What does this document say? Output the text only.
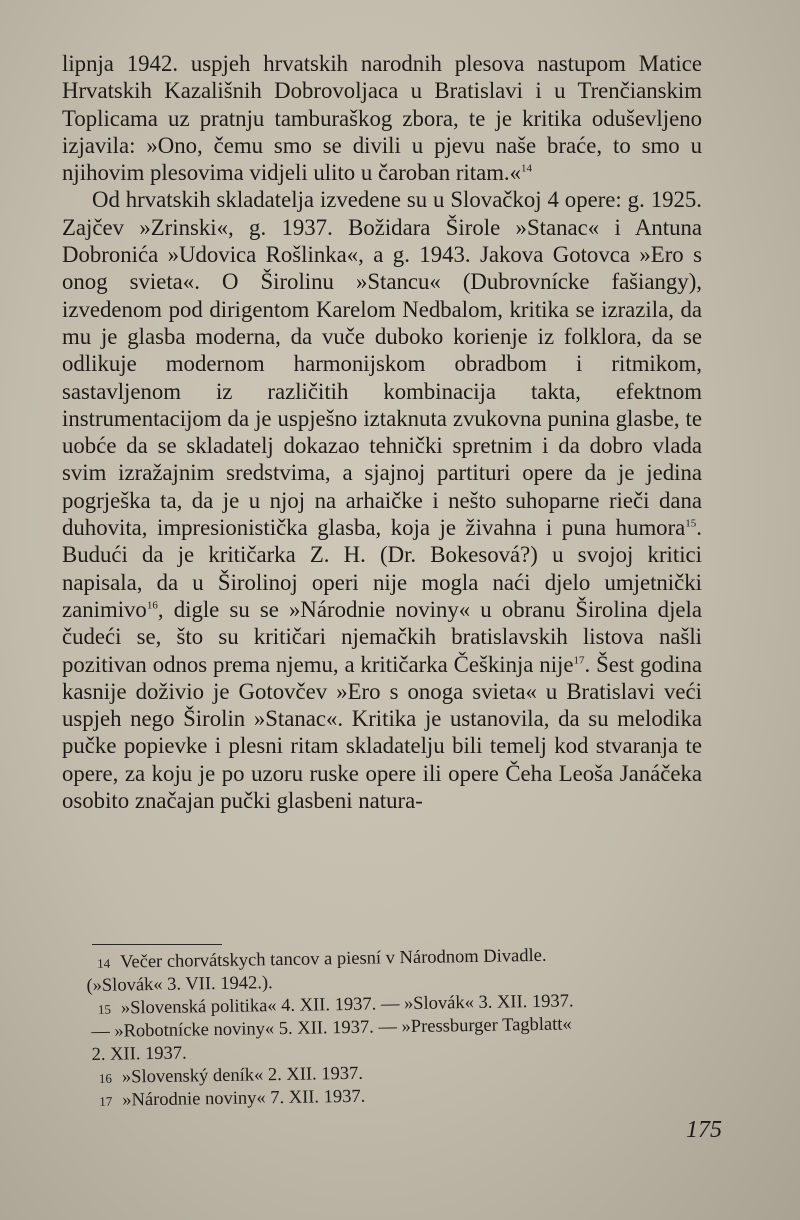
lipnja 1942. uspjeh hrvatskih narodnih plesova nastupom Matice Hrvatskih Kazališnih Dobrovoljaca u Bratislavi i u Trenčianskim Toplicama uz pratnju tamburaškog zbora, te je kritika oduševljeno izjavila: »Ono, čemu smo se divili u pjevu naše braće, to smo u njihovim plesovima vidjeli ulito u čaroban ritam.«$^{14}$

Od hrvatskih skladatelja izvedene su u Slovačkoj 4 opere: g. 1925. Zajčev »Zrinski«, g. 1937. Božidara Širole »Stanac« i Antuna Dobronića »Udovica Rošlinka«, a g. 1943. Jakova Gotovca »Ero s onog svieta«. O Širolinu »Stancu« (Dubrovnícke fašiangy), izvedenom pod dirigentom Karelom Nedbalom, kritika se izrazila, da mu je glasba moderna, da vuče duboko korienje iz folklora, da se odlikuje modernom harmonijskom obradbom i ritmikom, sastavljenom iz različitih kombinacija takta, efektnom instrumentacijom da je uspješno iztaknuta zvukovna punina glasbe, te uobće da se skladatelj dokazao tehnički spretnim i da dobro vlada svim izražajnim sredstvima, a sjajnoj partituri opere da je jedina pogrješka ta, da je u njoj na arhaičke i nešto suhoparne rieči dana duhovita, impresionistička glasba, koja je živahna i puna humora$^{15}$. Budući da je kritičarka Z. H. (Dr. Bokesová?) u svojoj kritici napisala, da u Širolinoj operi nije mogla naći djelo umjetnički zanimivo$^{16}$, digle su se »Národnie noviny« u obranu Širolina djela čudeći se, što su kritičari njemačkih bratislavskih listova našli pozitivan odnos prema njemu, a kritičarka Češkinja nije$^{17}$. Šest godina kasnije doživio je Gotovčev »Ero s onoga svieta« u Bratislavi veći uspjeh nego Širolin »Stanac«. Kritika je ustanovila, da su melodika pučke popievke i plesni ritam skladatelju bili temelj kod stvaranja te opere, za koju je po uzoru ruske opere ili opere Čeha Leoša Janáčeka osobito značajan pučki glasbeni natura-

14 Večer chorvátskych tancov a piesní v Národnom Divadle.

(»Slovák« 3. VII. 1942.).

15 »Slovenská politika« 4. XII. 1937. — »Slovák« 3. XII. 1937.

— »Robotnícke noviny« 5. XII. 1937. — »Pressburger Tagblatt«

2. XII. 1937.

16 »Slovenský deník« 2. XII. 1937.

17 »Národnie noviny« 7. XII. 1937.

175
